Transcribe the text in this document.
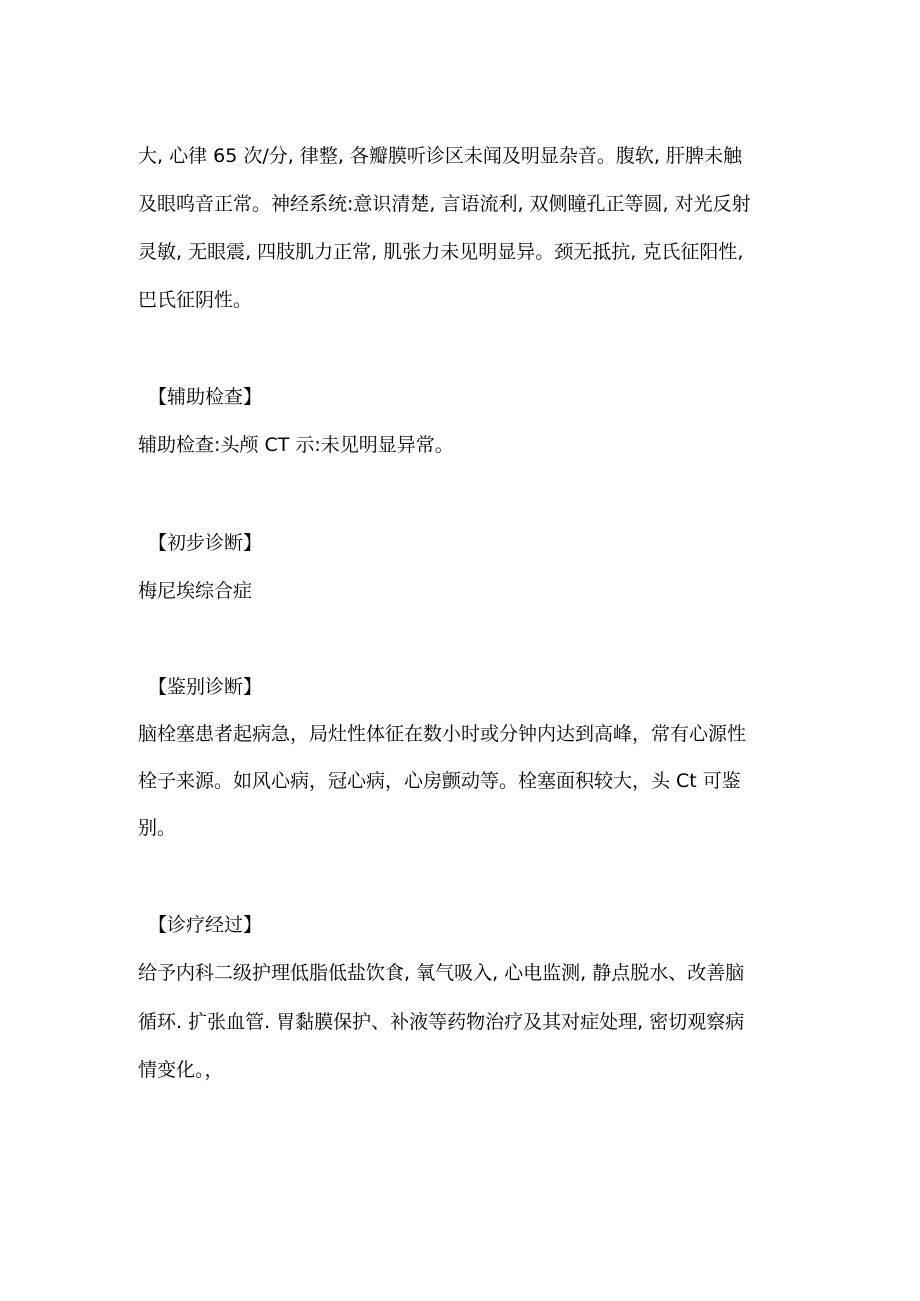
大, 心律 65 次/分, 律整, 各瓣膜听诊区未闻及明显杂音。腹软, 肝脾未触
及眼呜音正常。神经系统:意识清楚, 言语流利, 双侧瞳孔正等圆, 对光反射
灵敏, 无眼震, 四肢肌力正常, 肌张力未见明显异。颈无抵抗, 克氏征阳性,
巴氏征阴性。
【辅助检查】
辅助检查:头颅 CT 示:未见明显异常。
【初步诊断】
梅尼埃综合症
【鉴别诊断】
脑栓塞患者起病急，局灶性体征在数小时或分钟内达到高峰，常有心源性
栓子来源。如风心病，冠心病，心房颤动等。栓塞面积较大，头 Ct 可鉴
别。
【诊疗经过】
给予内科二级护理低脂低盐饮食, 氧气吸入, 心电监测, 静点脱水、改善脑
循环. 扩张血管. 胃黏膜保护、补液等药物治疗及其对症处理, 密切观察病
情变化。，
